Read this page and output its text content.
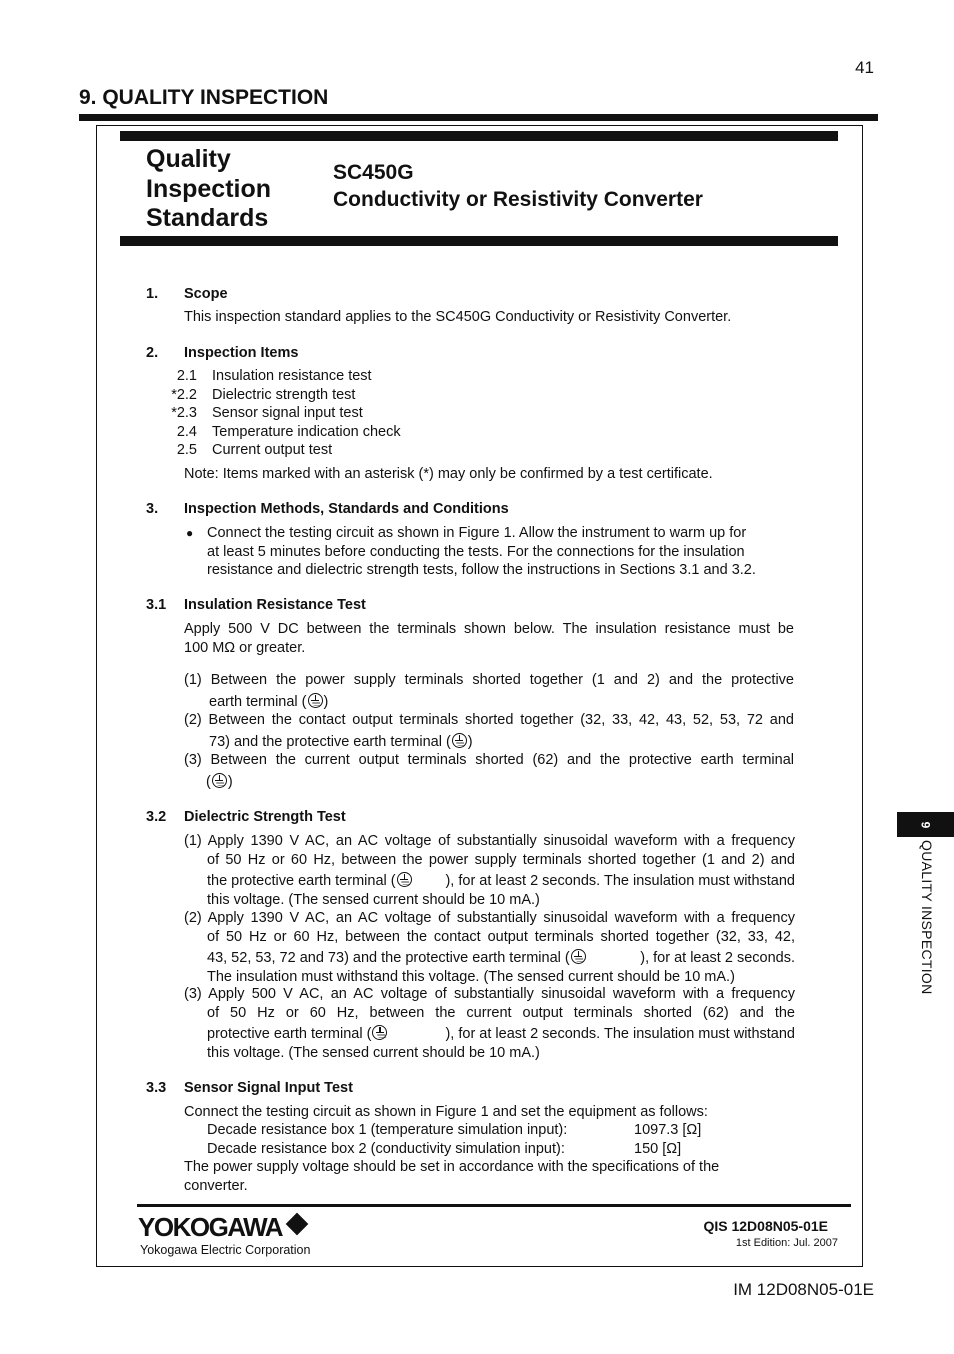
41
9. QUALITY INSPECTION
Quality
Inspection
Standards
SC450G
Conductivity or Resistivity Converter
1. Scope
This inspection standard applies to the SC450G Conductivity or Resistivity Converter.
2. Inspection Items
2.1	Insulation resistance test
*2.2	Dielectric strength test
*2.3	Sensor signal input test
2.4	Temperature indication check
2.5	Current output test
Note: Items marked with an asterisk (*) may only be confirmed by a test certificate.
3. Inspection Methods, Standards and Conditions
● Connect the testing circuit as shown in Figure 1. Allow the instrument to warm up for
at least 5 minutes before conducting the tests. For the connections for the insulation
resistance and dielectric strength tests, follow the instructions in Sections 3.1 and 3.2.
3.1 Insulation Resistance Test
Apply 500 V DC between the terminals shown below. The insulation resistance must be
100 MΩ or greater.
(1) Between the power supply terminals shorted together (1 and 2) and the protective
earth terminal ( )
(2) Between the contact output terminals shorted together (32, 33, 42, 43, 52, 53, 72 and
73) and the protective earth terminal ( )
(3) Between the current output terminals shorted (62) and the protective earth terminal
( )
3.2 Dielectric Strength Test
(1) Apply 1390 V AC, an AC voltage of substantially sinusoidal waveform with a frequency
of 50 Hz or 60 Hz, between the power supply terminals shorted together (1 and 2) and
the protective earth terminal (	), for at least 2 seconds. The insulation must withstand
this voltage. (The sensed current should be 10 mA.)
(2) Apply 1390 V AC, an AC voltage of substantially sinusoidal waveform with a frequency
of 50 Hz or 60 Hz, between the contact output terminals shorted together (32, 33, 42,
43, 52, 53, 72 and 73) and the protective earth terminal (	), for at least 2 seconds.
The insulation must withstand this voltage. (The sensed current should be 10 mA.)
(3) Apply 500 V AC, an AC voltage of substantially sinusoidal waveform with a frequency
of 50 Hz or 60 Hz, between the current output terminals shorted (62) and the
protective earth terminal (	), for at least 2 seconds. The insulation must withstand
this voltage. (The sensed current should be 10 mA.)
3.3 Sensor Signal Input Test
Connect the testing circuit as shown in Figure 1 and set the equipment as follows:
Decade resistance box 1 (temperature simulation input):	1097.3 [Ω]
Decade resistance box 2 (conductivity simulation input):	150 [Ω]
The power supply voltage should be set in accordance with the specifications of the
converter.
9
QUALITY INSPECTION
YOKOGAWA
Yokogawa Electric Corporation
QIS 12D08N05-01E
1st Edition: Jul. 2007
IM 12D08N05-01E
